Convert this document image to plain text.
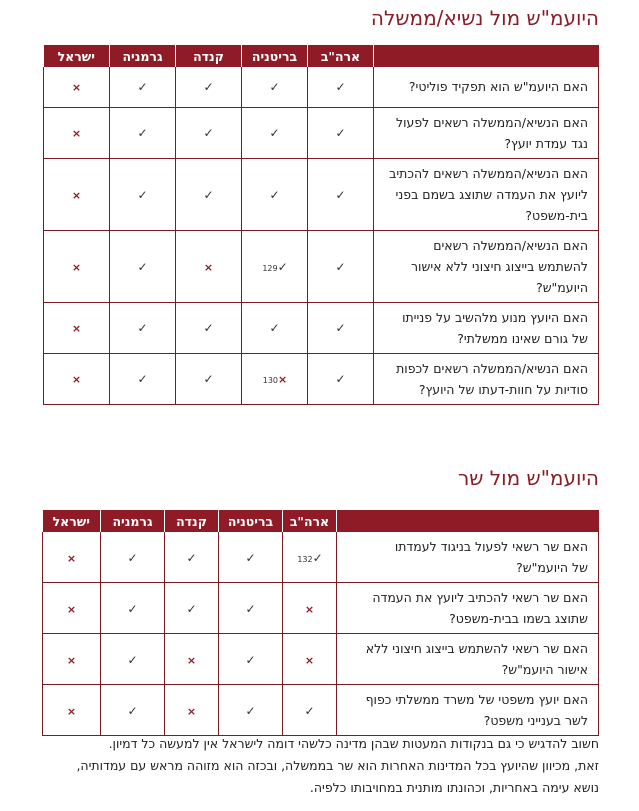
היועמ"ש מול נשיא/ממשלה
	ארה"ב	בריטניה	קנדה	גרמניה	ישראל

האם היועמ"ש הוא תפקיד פוליטי?	✓	✓	✓	✓	×

האם הנשיא/הממשלה רשאים לפעול
נגד עמדת יועץ?	✓	✓	✓	✓	×

האם הנשיא/הממשלה רשאים להכתיב
ליועץ את העמדה שתוצג בשמם בפני
בית-משפט?	✓	✓	✓	✓	×

האם הנשיא/הממשלה רשאים
להשתמש בייצוג חיצוני ללא אישור
היועמ"ש?	✓	129✓	×	✓	×

האם היועץ מנוע מלהשיב על פנייתו
של גורם שאינו ממשלתי?	✓	✓	✓	✓	×

האם הנשיא/הממשלה רשאים לכפות
סודיות על חוות-דעתו של היועץ?	✓	130×	✓	✓	×
היועמ"ש מול שר
	ארה"ב	בריטניה	קנדה	גרמניה	ישראל

האם שר רשאי לפעול בניגוד לעמדתו
של היועמ"ש?	132✓	✓	✓	✓	×

האם שר רשאי להכתיב ליועץ את העמדה
שתוצג בשמו בבית-משפט?	×	✓	✓	✓	×

האם שר רשאי להשתמש בייצוג חיצוני ללא
אישור היועמ"ש?	×	✓	×	✓	×

האם יועץ משפטי של משרד ממשלתי כפוף
לשר בענייני משפט?	✓	✓	×	✓	×

חשוב להדגיש כי גם בנקודות המעטות שבהן מדינה כלשהי דומה לישראל אין למעשה כל דמיון.

זאת, מכיוון שהיועץ בכל המדינות האחרות הוא שר בממשלה, ובכזה הוא מזוהה מראש עם עמדותיה,

נושא עימה באחריות, וכהונתו מותנית במחויבותו כלפיה.
